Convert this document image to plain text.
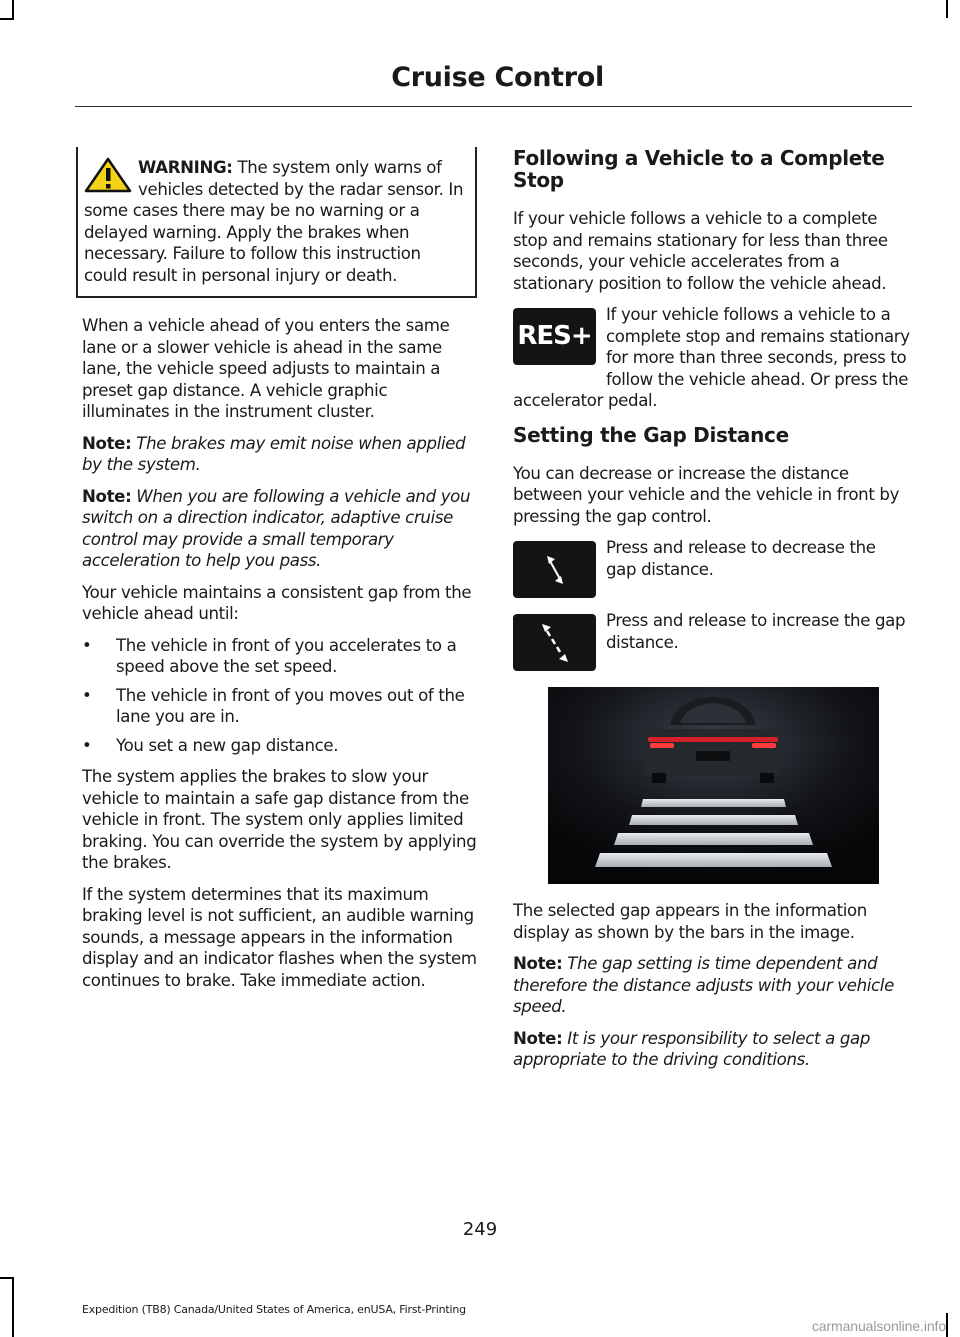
Cruise Control
WARNING: The system only warns of vehicles detected by the radar sensor. In some cases there may be no warning or a delayed warning. Apply the brakes when necessary. Failure to follow this instruction could result in personal injury or death.

When a vehicle ahead of you enters the same lane or a slower vehicle is ahead in the same lane, the vehicle speed adjusts to maintain a preset gap distance. A vehicle graphic illuminates in the instrument cluster.

Note: The brakes may emit noise when applied by the system.

Note: When you are following a vehicle and you switch on a direction indicator, adaptive cruise control may provide a small temporary acceleration to help you pass.

Your vehicle maintains a consistent gap from the vehicle ahead until:

• The vehicle in front of you accelerates to a speed above the set speed.
• The vehicle in front of you moves out of the lane you are in.
• You set a new gap distance.

The system applies the brakes to slow your vehicle to maintain a safe gap distance from the vehicle in front. The system only applies limited braking. You can override the system by applying the brakes.

If the system determines that its maximum braking level is not sufficient, an audible warning sounds, a message appears in the information display and an indicator flashes when the system continues to brake. Take immediate action.

Following a Vehicle to a Complete Stop

If your vehicle follows a vehicle to a complete stop and remains stationary for less than three seconds, your vehicle accelerates from a stationary position to follow the vehicle ahead.

RES+
If your vehicle follows a vehicle to a complete stop and remains stationary for more than three seconds, press to follow the vehicle ahead. Or press the accelerator pedal.
Setting the Gap Distance

You can decrease or increase the distance between your vehicle and the vehicle in front by pressing the gap control.

Press and release to decrease the gap distance.
Press and release to increase the gap distance.

The selected gap appears in the information display as shown by the bars in the image.

Note: The gap setting is time dependent and therefore the distance adjusts with your vehicle speed.

Note: It is your responsibility to select a gap appropriate to the driving conditions.

249
Expedition (TB8) Canada/United States of America, enUSA, First-Printing
carmanualsonline.info
